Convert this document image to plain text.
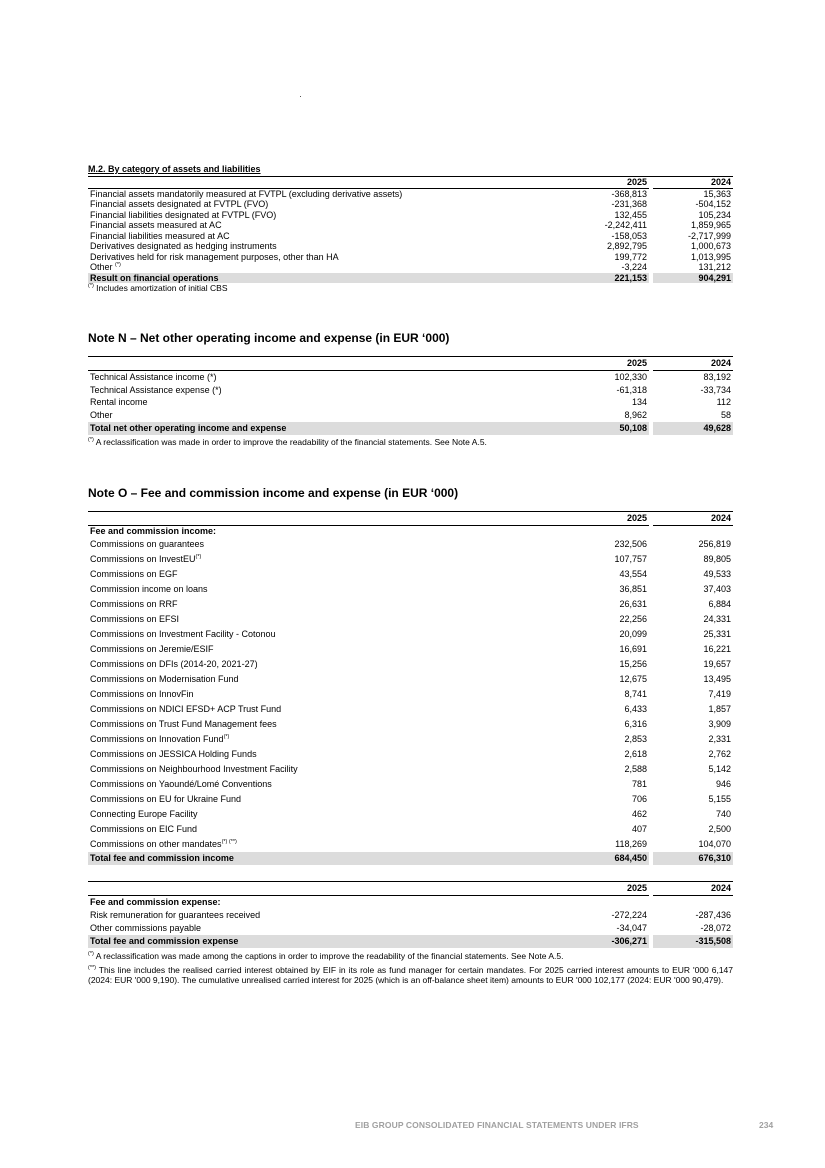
M.2. By category of assets and liabilities
	2025		2024
Financial assets mandatorily measured at FVTPL (excluding derivative assets)	-368,813		15,363
Financial assets designated at FVTPL (FVO)	-231,368		-504,152
Financial liabilities designated at FVTPL (FVO)	132,455		105,234
Financial assets measured at AC	-2,242,411		1,859,965
Financial liabilities measured at AC	-158,053		-2,717,999
Derivatives designated as hedging instruments	2,892,795		1,000,673
Derivatives held for risk management purposes, other than HA	199,772		1,013,995
Other (*)	-3,224		131,212
Result on financial operations	221,153		904,291
(*) Includes amortization of initial CBS
Note N – Net other operating income and expense (in EUR ‘000)
	2025		2024
Technical Assistance income (*)	102,330		83,192
Technical Assistance expense (*)	-61,318		-33,734
Rental income	134		112
Other	8,962		58
Total net other operating income and expense	50,108		49,628
(*) A reclassification was made in order to improve the readability of the financial statements. See Note A.5.
Note O – Fee and commission income and expense (in EUR ‘000)
	2025		2024
Fee and commission income:			
Commissions on guarantees	232,506		256,819
Commissions on InvestEU(*)	107,757		89,805
Commissions on EGF	43,554		49,533
Commission income on loans	36,851		37,403
Commissions on RRF	26,631		6,884
Commissions on EFSI	22,256		24,331
Commissions on Investment Facility - Cotonou	20,099		25,331
Commissions on Jeremie/ESIF	16,691		16,221
Commissions on DFIs (2014-20, 2021-27)	15,256		19,657
Commissions on Modernisation Fund	12,675		13,495
Commissions on InnovFin	8,741		7,419
Commissions on NDICI EFSD+ ACP Trust Fund	6,433		1,857
Commissions on Trust Fund Management fees	6,316		3,909
Commissions on Innovation Fund(*)	2,853		2,331
Commissions on JESSICA Holding Funds	2,618		2,762
Commissions on Neighbourhood Investment Facility	2,588		5,142
Commissions on Yaoundé/Lomé Conventions	781		946
Commissions on EU for Ukraine Fund	706		5,155
Connecting Europe Facility	462		740
Commissions on EIC Fund	407		2,500
Commissions on other mandates(*) (**)	118,269		104,070
Total fee and commission income	684,450		676,310
	2025		2024
Fee and commission expense:			
Risk remuneration for guarantees received	-272,224		-287,436
Other commissions payable	-34,047		-28,072
Total fee and commission expense	-306,271		-315,508
(*) A reclassification was made among the captions in order to improve the readability of the financial statements. See Note A.5.
(**) This line includes the realised carried interest obtained by EIF in its role as fund manager for certain mandates. For 2025 carried interest amounts to EUR '000 6,147 (2024: EUR '000 9,190). The cumulative unrealised carried interest for 2025 (which is an off-balance sheet item) amounts to EUR '000 102,177 (2024: EUR '000 90,479).
EIB GROUP CONSOLIDATED FINANCIAL STATEMENTS UNDER IFRS	234
